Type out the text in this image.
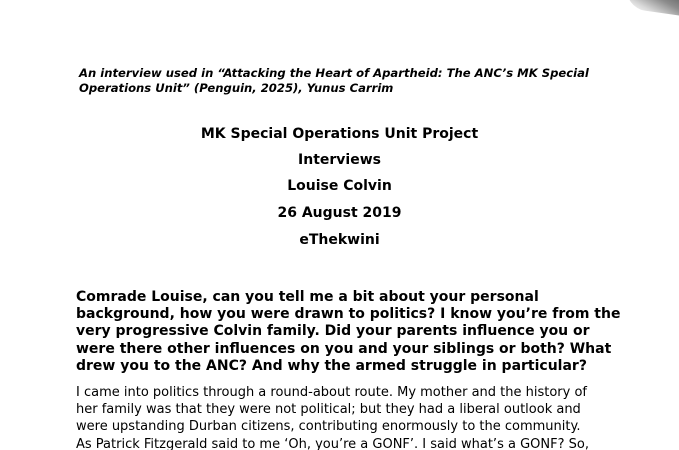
An interview used in “Attacking the Heart of Apartheid: The ANC’s MK Special
Operations Unit” (Penguin, 2025), Yunus Carrim
MK Special Operations Unit Project
Interviews
Louise Colvin
26 August 2019
eThekwini
Comrade Louise, can you tell me a bit about your personal
background, how you were drawn to politics? I know you’re from the
very progressive Colvin family. Did your parents influence you or
were there other influences on you and your siblings or both? What
drew you to the ANC? And why the armed struggle in particular?
I came into politics through a round-about route. My mother and the history of
her family was that they were not political; but they had a liberal outlook and
were upstanding Durban citizens, contributing enormously to the community.
As Patrick Fitzgerald said to me ‘Oh, you’re a GONF’. I said what’s a GONF? So,
